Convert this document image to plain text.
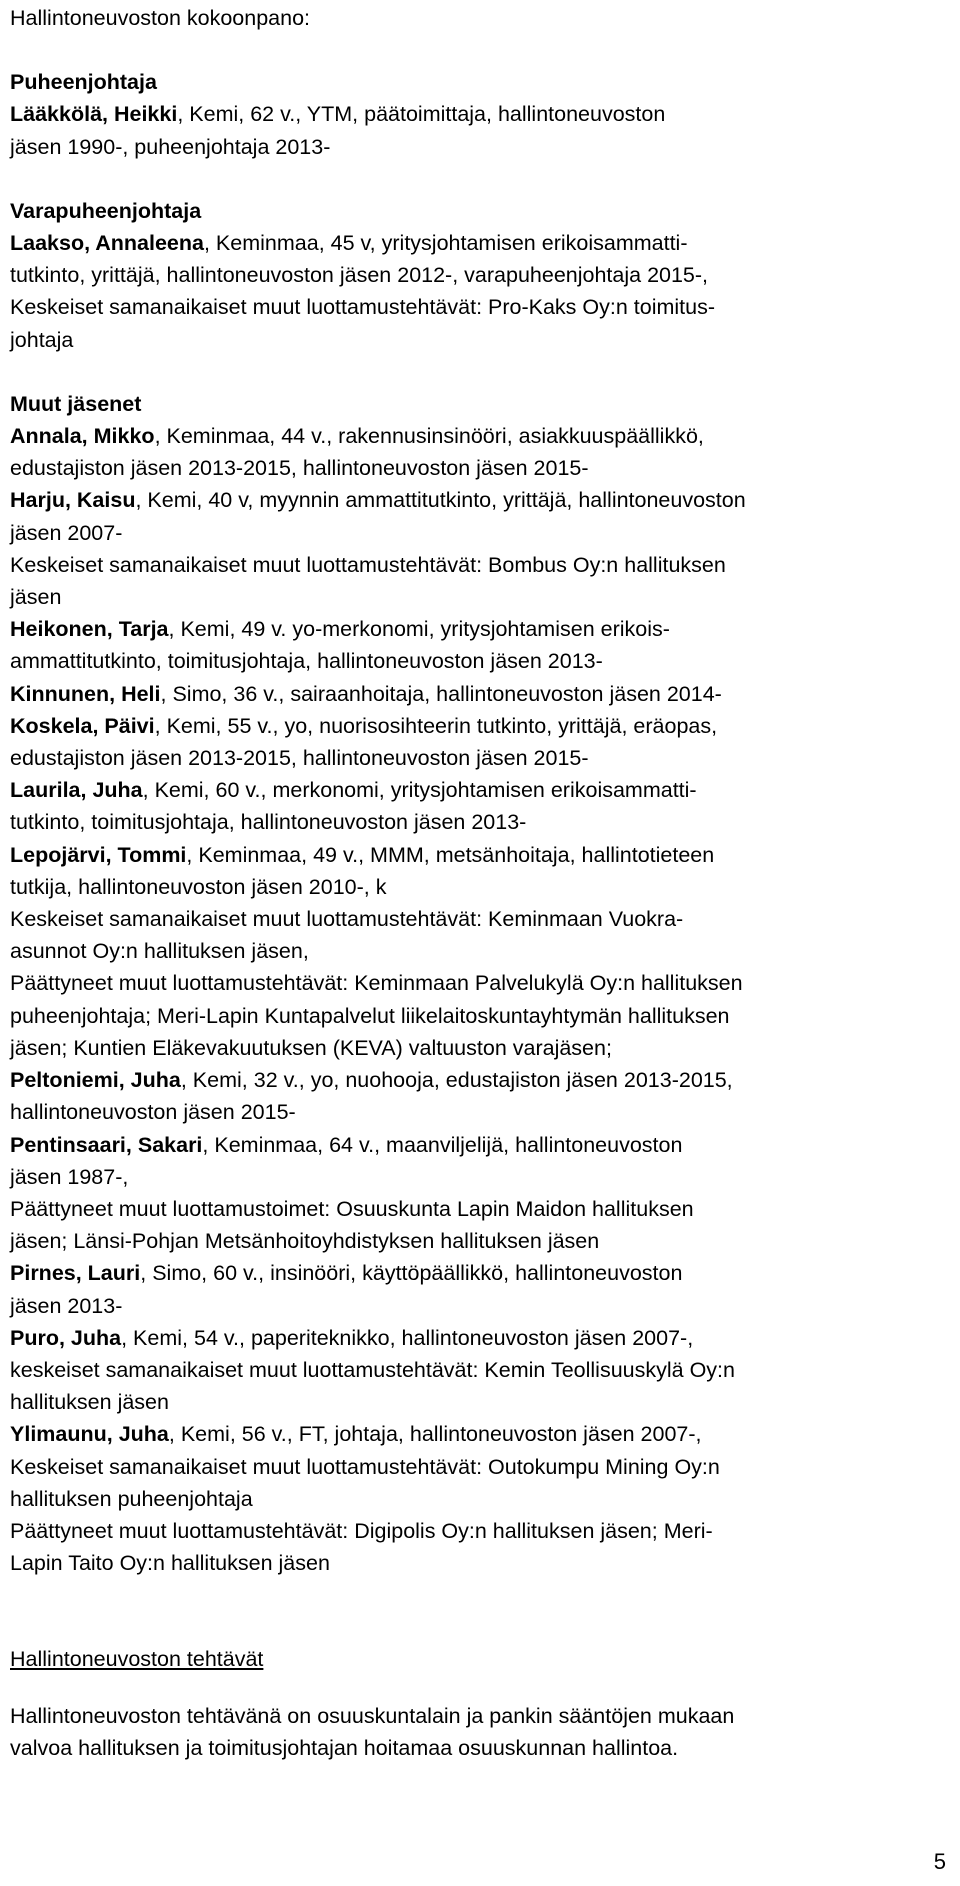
Hallintoneuvoston kokoonpano:

Puheenjohtaja

Lääkkölä, Heikki, Kemi, 62 v., YTM, päätoimittaja, hallintoneuvoston

jäsen 1990-, puheenjohtaja 2013-

Varapuheenjohtaja

Laakso, Annaleena, Keminmaa, 45 v, yritysjohtamisen erikoisammatti-

tutkinto, yrittäjä, hallintoneuvoston jäsen 2012-, varapuheenjohtaja 2015-,

Keskeiset samanaikaiset muut luottamustehtävät: Pro-Kaks Oy:n toimitus-

johtaja

Muut jäsenet

Annala, Mikko, Keminmaa, 44 v., rakennusinsinööri, asiakkuuspäällikkö,

edustajiston jäsen 2013-2015, hallintoneuvoston jäsen 2015-

Harju, Kaisu, Kemi, 40 v, myynnin ammattitutkinto, yrittäjä, hallintoneuvoston

jäsen 2007-

Keskeiset samanaikaiset muut luottamustehtävät: Bombus Oy:n hallituksen

jäsen

Heikonen, Tarja, Kemi, 49 v. yo-merkonomi, yritysjohtamisen erikois-

ammattitutkinto, toimitusjohtaja, hallintoneuvoston jäsen 2013-

Kinnunen, Heli, Simo, 36 v., sairaanhoitaja, hallintoneuvoston jäsen 2014-

Koskela, Päivi, Kemi, 55 v., yo, nuorisosihteerin tutkinto, yrittäjä, eräopas,

edustajiston jäsen 2013-2015, hallintoneuvoston jäsen 2015-

Laurila, Juha, Kemi, 60 v., merkonomi, yritysjohtamisen erikoisammatti-

tutkinto, toimitusjohtaja, hallintoneuvoston jäsen 2013-

Lepojärvi, Tommi, Keminmaa, 49 v., MMM, metsänhoitaja, hallintotieteen

tutkija, hallintoneuvoston jäsen 2010-, k

Keskeiset samanaikaiset muut luottamustehtävät: Keminmaan Vuokra-

asunnot Oy:n hallituksen jäsen,

Päättyneet muut luottamustehtävät: Keminmaan Palvelukylä Oy:n hallituksen

puheenjohtaja; Meri-Lapin Kuntapalvelut liikelaitoskuntayhtymän hallituksen

jäsen; Kuntien Eläkevakuutuksen (KEVA) valtuuston varajäsen;

Peltoniemi, Juha, Kemi, 32 v., yo, nuohooja, edustajiston jäsen 2013-2015,

hallintoneuvoston jäsen 2015-

Pentinsaari, Sakari, Keminmaa, 64 v., maanviljelijä, hallintoneuvoston

jäsen 1987-,

Päättyneet muut luottamustoimet: Osuuskunta Lapin Maidon hallituksen

jäsen; Länsi-Pohjan Metsänhoitoyhdistyksen hallituksen jäsen

Pirnes, Lauri, Simo, 60 v., insinööri, käyttöpäällikkö, hallintoneuvoston

jäsen 2013-

Puro, Juha, Kemi, 54 v., paperiteknikko, hallintoneuvoston jäsen 2007-,

keskeiset samanaikaiset muut luottamustehtävät: Kemin Teollisuuskylä Oy:n

hallituksen jäsen

Ylimaunu, Juha, Kemi, 56 v., FT, johtaja, hallintoneuvoston jäsen 2007-,

Keskeiset samanaikaiset muut luottamustehtävät: Outokumpu Mining Oy:n

hallituksen puheenjohtaja

Päättyneet muut luottamustehtävät: Digipolis Oy:n hallituksen jäsen; Meri-

Lapin Taito Oy:n hallituksen jäsen

Hallintoneuvoston tehtävät

Hallintoneuvoston tehtävänä on osuuskuntalain ja pankin sääntöjen mukaan

valvoa hallituksen ja toimitusjohtajan hoitamaa osuuskunnan hallintoa.

5
